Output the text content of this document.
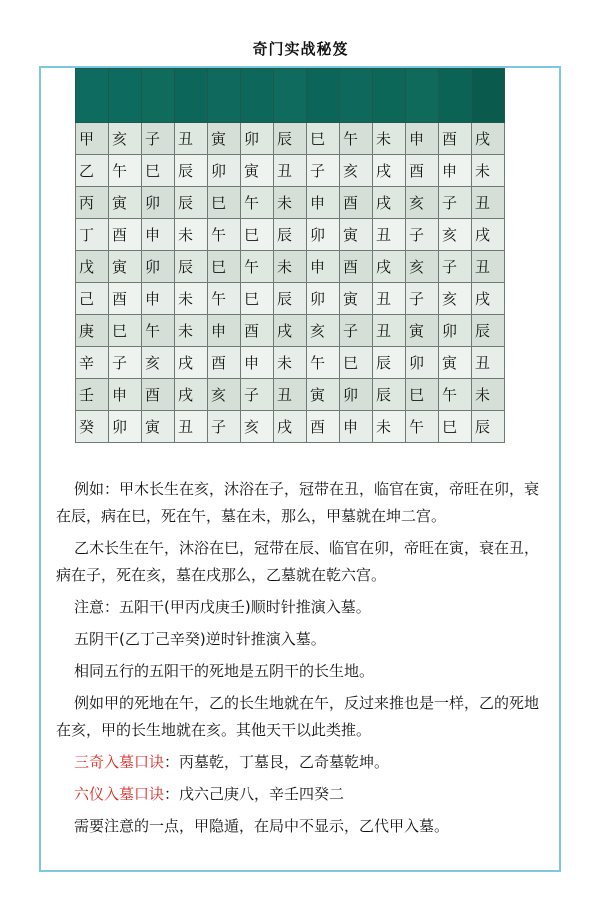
奇门实战秘笈

甲	亥	子	丑	寅	卯	辰	巳	午	未	申	酉	戌
乙	午	巳	辰	卯	寅	丑	子	亥	戌	酉	申	未
丙	寅	卯	辰	巳	午	未	申	酉	戌	亥	子	丑
丁	酉	申	未	午	巳	辰	卯	寅	丑	子	亥	戌
戊	寅	卯	辰	巳	午	未	申	酉	戌	亥	子	丑
己	酉	申	未	午	巳	辰	卯	寅	丑	子	亥	戌
庚	巳	午	未	申	酉	戌	亥	子	丑	寅	卯	辰
辛	子	亥	戌	酉	申	未	午	巳	辰	卯	寅	丑
壬	申	酉	戌	亥	子	丑	寅	卯	辰	巳	午	未
癸	卯	寅	丑	子	亥	戌	酉	申	未	午	巳	辰

例如：甲木长生在亥，沐浴在子，冠带在丑，临官在寅，帝旺在卯，衰在辰，病在巳，死在午，墓在未，那么，甲墓就在坤二宫。

乙木长生在午，沐浴在巳，冠带在辰、临官在卯，帝旺在寅，衰在丑，病在子，死在亥，墓在戌那么，乙墓就在乾六宫。

注意：五阳干(甲丙戊庚壬)顺时针推演入墓。

五阴干(乙丁己辛癸)逆时针推演入墓。

相同五行的五阳干的死地是五阴干的长生地。

例如甲的死地在午，乙的长生地就在午，反过来推也是一样，乙的死地在亥，甲的长生地就在亥。其他天干以此类推。

三奇入墓口诀：丙墓乾，丁墓艮，乙奇墓乾坤。

六仪入墓口诀：戊六己庚八，辛壬四癸二

需要注意的一点，甲隐遁，在局中不显示，乙代甲入墓。
